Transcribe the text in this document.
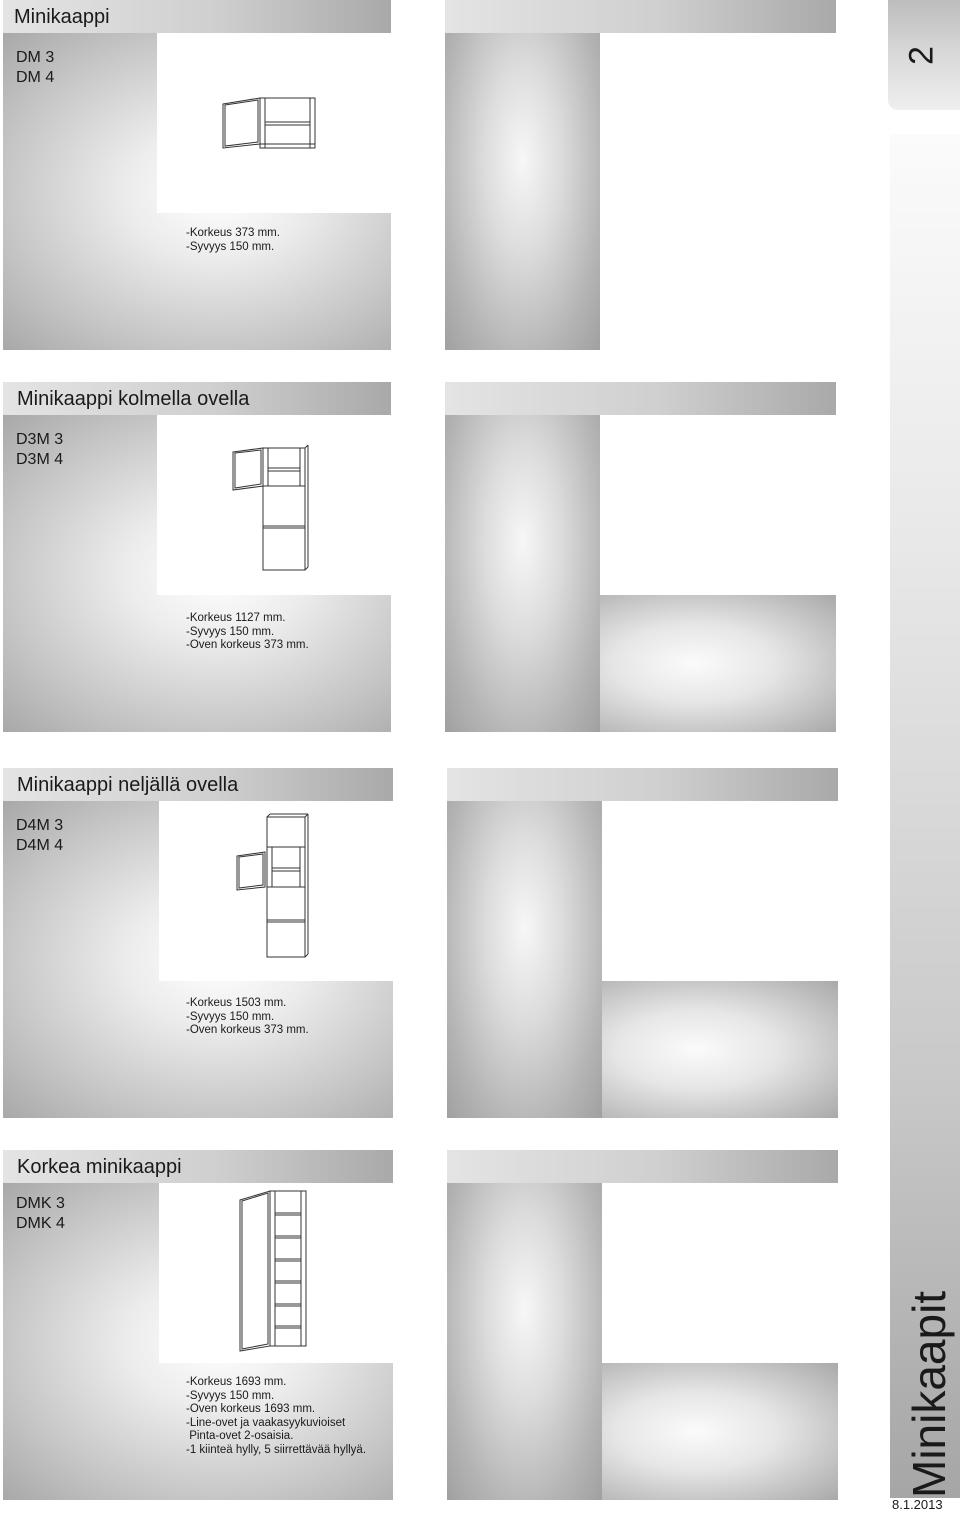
Minikaappi
DM 3
DM 4
-Korkeus 373 mm.
-Syvyys 150 mm.
Minikaappi kolmella ovella
D3M 3
D3M 4
-Korkeus 1127 mm.
-Syvyys 150 mm.
-Oven korkeus 373 mm.
Minikaappi neljällä ovella
D4M 3
D4M 4
-Korkeus 1503 mm.
-Syvyys 150 mm.
-Oven korkeus 373 mm.
Korkea minikaappi
DMK 3
DMK 4
-Korkeus 1693 mm.
-Syvyys 150 mm.
-Oven korkeus 1693 mm.
-Line-ovet ja vaakasyykuvioiset
Pinta-ovet 2-osaisia.
-1 kiinteä hylly, 5 siirrettävää hyllyä.
2
Minikaapit
8.1.2013
